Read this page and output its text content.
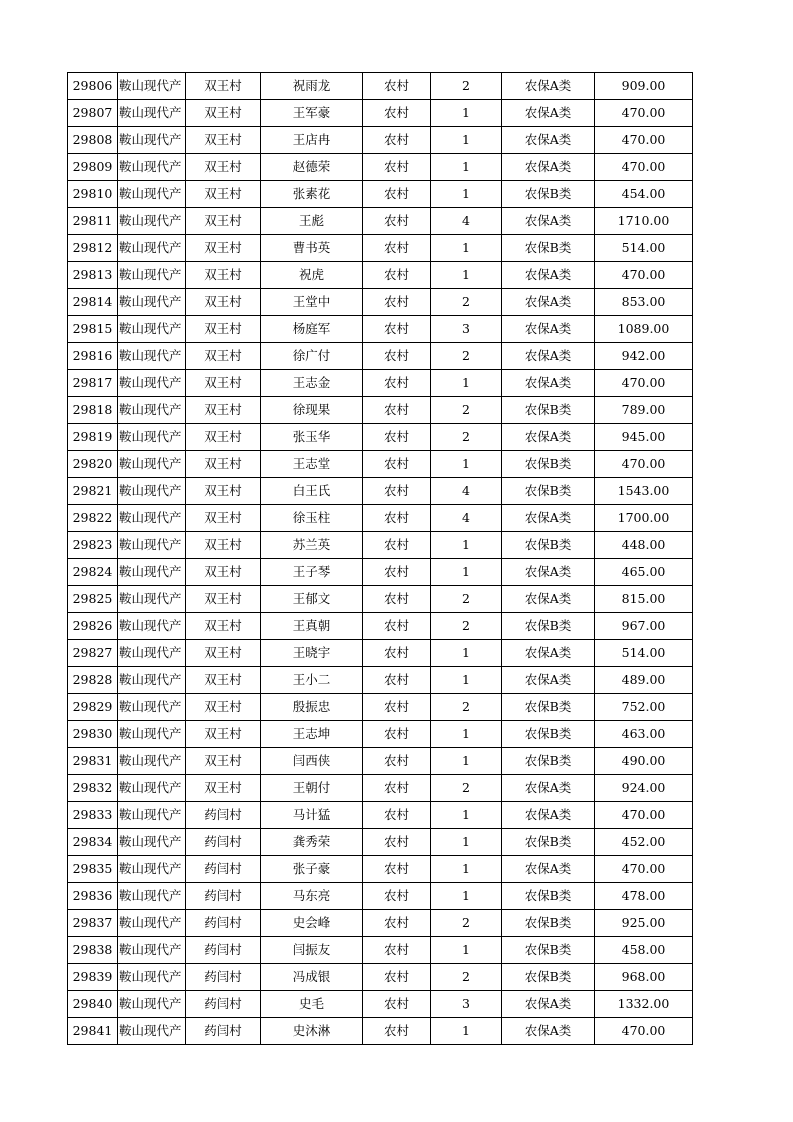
29806	鞍山现代产	双王村	祝雨龙	农村	2	农保A类	909.00
29807	鞍山现代产	双王村	王军豪	农村	1	农保A类	470.00
29808	鞍山现代产	双王村	王店冉	农村	1	农保A类	470.00
29809	鞍山现代产	双王村	赵德荣	农村	1	农保A类	470.00
29810	鞍山现代产	双王村	张素花	农村	1	农保B类	454.00
29811	鞍山现代产	双王村	王彪	农村	4	农保A类	1710.00
29812	鞍山现代产	双王村	曹书英	农村	1	农保B类	514.00
29813	鞍山现代产	双王村	祝虎	农村	1	农保A类	470.00
29814	鞍山现代产	双王村	王堂中	农村	2	农保A类	853.00
29815	鞍山现代产	双王村	杨庭军	农村	3	农保A类	1089.00
29816	鞍山现代产	双王村	徐广付	农村	2	农保A类	942.00
29817	鞍山现代产	双王村	王志金	农村	1	农保A类	470.00
29818	鞍山现代产	双王村	徐现果	农村	2	农保B类	789.00
29819	鞍山现代产	双王村	张玉华	农村	2	农保A类	945.00
29820	鞍山现代产	双王村	王志堂	农村	1	农保B类	470.00
29821	鞍山现代产	双王村	白王氏	农村	4	农保B类	1543.00
29822	鞍山现代产	双王村	徐玉柱	农村	4	农保A类	1700.00
29823	鞍山现代产	双王村	苏兰英	农村	1	农保B类	448.00
29824	鞍山现代产	双王村	王子琴	农村	1	农保A类	465.00
29825	鞍山现代产	双王村	王郁文	农村	2	农保A类	815.00
29826	鞍山现代产	双王村	王真朝	农村	2	农保B类	967.00
29827	鞍山现代产	双王村	王晓宇	农村	1	农保A类	514.00
29828	鞍山现代产	双王村	王小二	农村	1	农保A类	489.00
29829	鞍山现代产	双王村	殷振忠	农村	2	农保B类	752.00
29830	鞍山现代产	双王村	王志坤	农村	1	农保B类	463.00
29831	鞍山现代产	双王村	闫西侠	农村	1	农保B类	490.00
29832	鞍山现代产	双王村	王朝付	农村	2	农保A类	924.00
29833	鞍山现代产	药闫村	马计猛	农村	1	农保A类	470.00
29834	鞍山现代产	药闫村	龚秀荣	农村	1	农保B类	452.00
29835	鞍山现代产	药闫村	张子豪	农村	1	农保A类	470.00
29836	鞍山现代产	药闫村	马东亮	农村	1	农保B类	478.00
29837	鞍山现代产	药闫村	史会峰	农村	2	农保B类	925.00
29838	鞍山现代产	药闫村	闫振友	农村	1	农保B类	458.00
29839	鞍山现代产	药闫村	冯成银	农村	2	农保B类	968.00
29840	鞍山现代产	药闫村	史毛	农村	3	农保A类	1332.00
29841	鞍山现代产	药闫村	史沐淋	农村	1	农保A类	470.00
